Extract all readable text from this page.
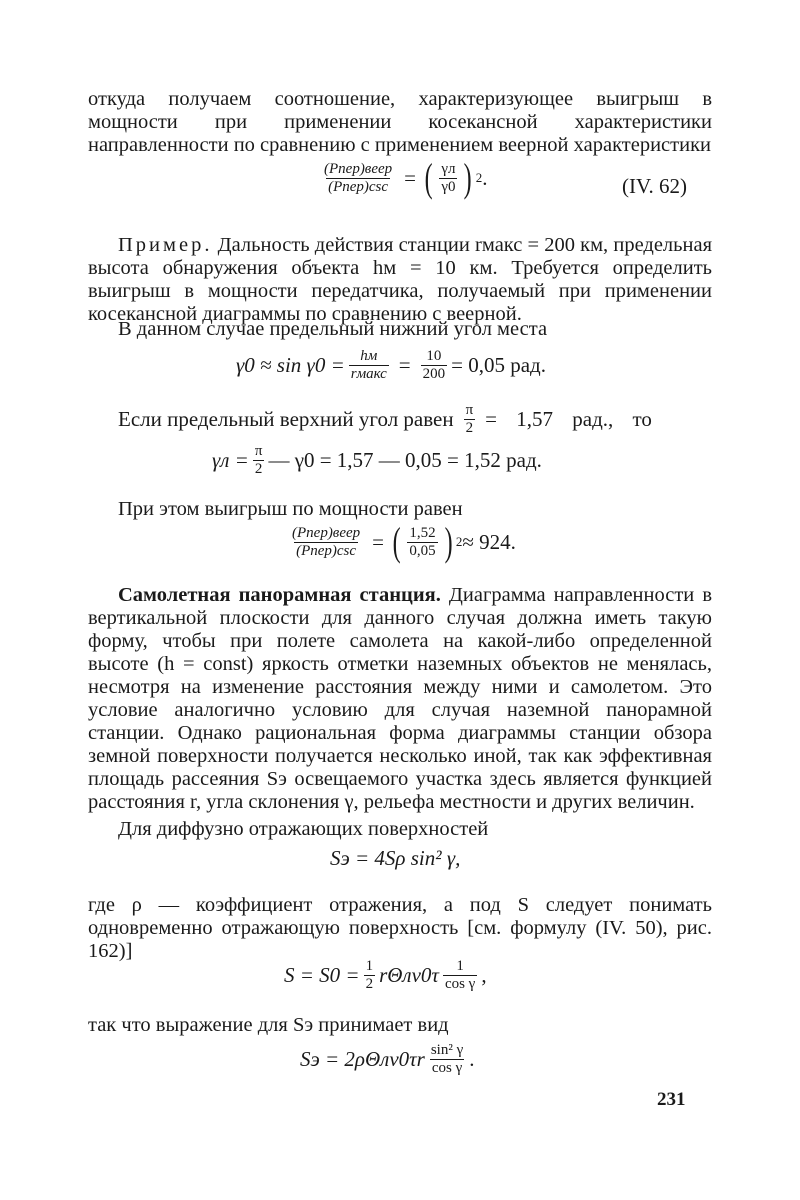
откуда получаем соотношение, характеризующее выигрыш в мощности при применении косекансной характеристики направленности по сравнению с применением веерной характеристики
$\frac{\text{(Pпер)веер}}{\text{(Pпер)csc}}$ = ( $\frac{\gamma л}{\gamma 0}$ ) 2 .	(IV. 62)
Пример. Дальность действия станции rмакс = 200 км, предельная высота обнаружения объекта hм = 10 км. Требуется определить выигрыш в мощности передатчика, получаемый при применении косекансной диаграммы по сравнению с веерной.
В данном случае предельный нижний угол места
$\gamma 0 \approx \sin \gamma 0 = \frac{hм}{\text{rмакс}} = \frac{10}{200} = 0,05$ рад.
Если предельный верхний угол равен $\frac{\pi}{2} = 1,57$ рад., то
$\gamma л = \frac{\pi}{2}$ — γ0 = 1,57 — 0,05 = 1,52 рад.
При этом выигрыш по мощности равен
$\frac{\text{(Pпер)веер}}{\text{(Pпер)csc}}$ = ( $\frac{1,52}{0,05}$ ) 2 ≈ 924.
Самолетная панорамная станция. Диаграмма направленности в вертикальной плоскости для данного случая должна иметь такую форму, чтобы при полете самолета на какой-либо определенной высоте (h = const) яркость отметки наземных объектов не менялась, несмотря на изменение расстояния между ними и самолетом. Это условие аналогично условию для случая наземной панорамной станции. Однако рациональная форма диаграммы станции обзора земной поверхности получается несколько иной, так как эффективная площадь рассеяния Sэ освещаемого участка здесь является функцией расстояния r, угла склонения γ, рельефа местности и других величин.
Для диффузно отражающих поверхностей
Sэ = 4Sρ sin² γ,
где ρ — коэффициент отражения, а под S следует понимать одновременно отражающую поверхность [см. формулу (IV. 50), рис. 162)]
$S = S0 = \frac{1}{2} r\Theta лv0\tau \frac{1}{\text{cos γ}}$ ,
так что выражение для Sэ принимает вид
Sэ = $2\rho\Theta лv0\tau r \frac{\text{sin² γ}}{\text{cos γ}}$ .
231
